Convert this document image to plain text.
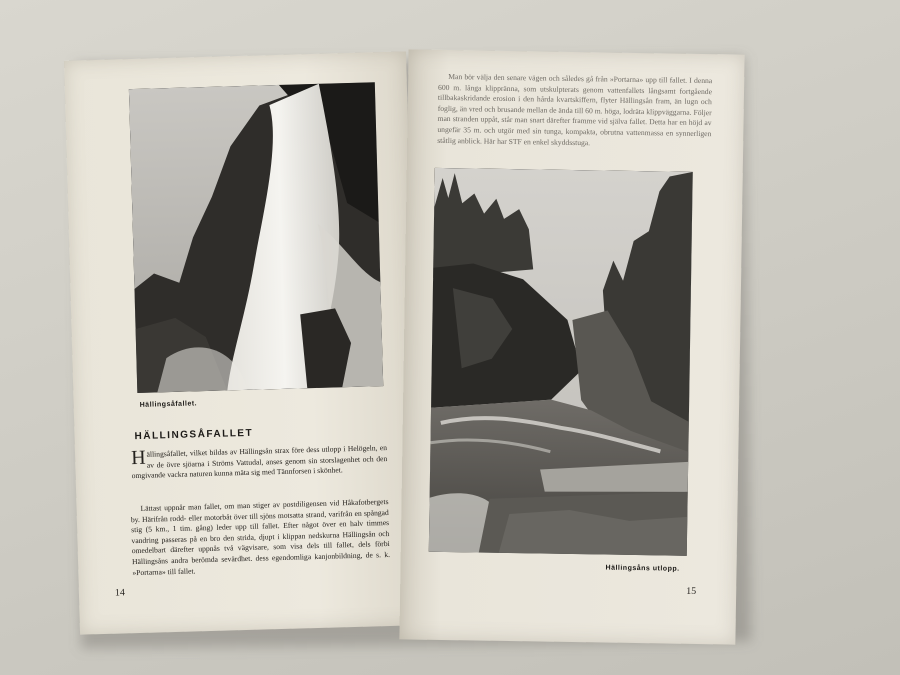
Hällingsåfallet.
HÄLLINGSÅFALLET

Hällingsåfallet, vilket bildas av Hällingsån strax före dess utlopp i Helögeln, en av de övre sjöarna i Ströms Vattudal, anses genom sin storslagenhet och den omgivande vackra naturen kunna mäta sig med Tännforsen i skönhet.

Lättast uppnår man fallet, om man stiger av postdiligensen vid Håkafotbergets by. Härifrån rodd- eller motorbåt över till sjöns motsatta strand, varifrån en spångad stig (5 km., 1 tim. gång) leder upp till fallet. Efter något över en halv timmes vandring passeras på en bro den strida, djupt i klippan nedskurna Hällingsån och omedelbart därefter uppnås två vägvisare, som visa dels till fallet, dels förbi Hällingsåns andra berömda sevärdhet. dess egendomliga kanjonbildning, de s. k. »Portarna» till fallet.

14

Man bör välja den senare vägen och således gå från »Portarna» upp till fallet. I denna 600 m. långa klippränna, som utskulpterats genom vattenfallets långsamt fortgående tillbakaskridande erosion i den hårda kvartskiffern, flyter Hällingsån fram, än lugn och foglig, än vred och brusande mellan de ända till 60 m. höga, lodräta klippväggarna. Följer man stranden uppåt, står man snart därefter framme vid själva fallet. Detta har en höjd av ungefär 35 m. och utgör med sin tunga, kompakta, obrutna vattenmassa en synnerligen ståtlig anblick. Här har STF en enkel skyddsstuga.

Hällingsåns utlopp.
15
